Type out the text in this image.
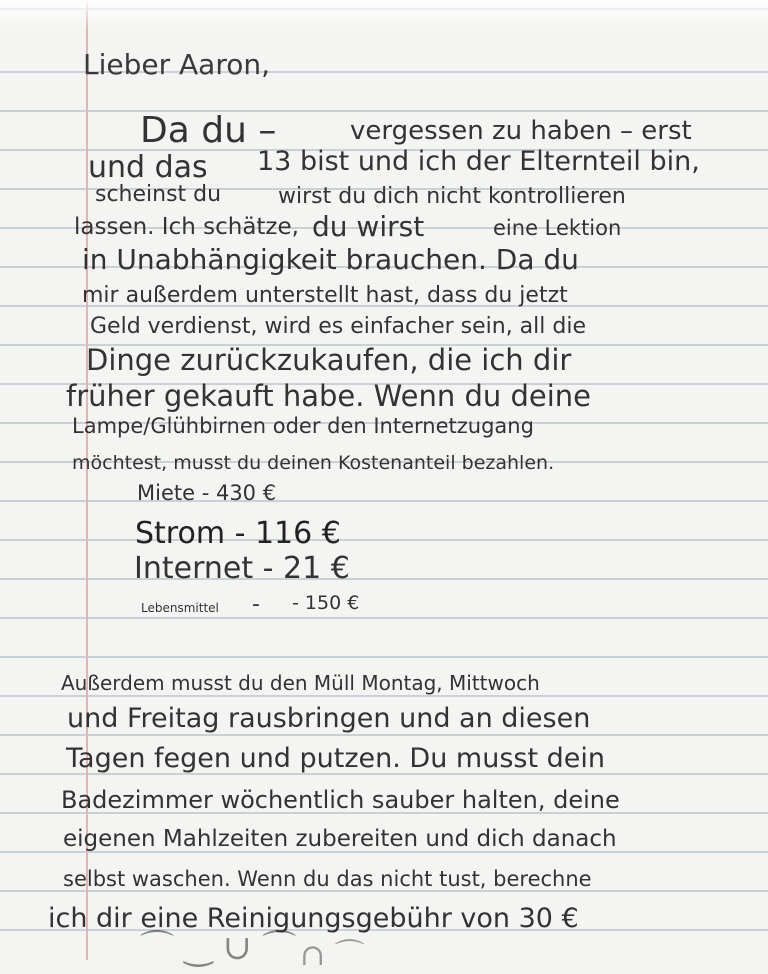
⌒ ‿ ∪ ⌒ ∩ ⌒
Lieber Aaron,
Da du –	vergessen zu haben – erst
und das 13 bist und ich der Elternteil bin,
scheinst du	wirst du dich nicht kontrollieren
lassen. Ich schätze, du wirst	eine Lektion
in Unabhängigkeit brauchen. Da du
mir außerdem unterstellt hast, dass du jetzt
Geld verdienst, wird es einfacher sein, all die
Dinge zurückzukaufen, die ich dir
früher gekauft habe. Wenn du deine
Lampe/Glühbirnen oder den Internetzugang
möchtest, musst du deinen Kostenanteil bezahlen.
Miete - 430 €
Strom - 116 €
Internet - 21 €
Lebensmittel - - 150 €
Außerdem musst du den Müll Montag, Mittwoch
und Freitag rausbringen und an diesen
Tagen fegen und putzen. Du musst dein
Badezimmer wöchentlich sauber halten, deine
eigenen Mahlzeiten zubereiten und dich danach
selbst waschen. Wenn du das nicht tust, berechne
ich dir eine Reinigungsgebühr von 30 €
